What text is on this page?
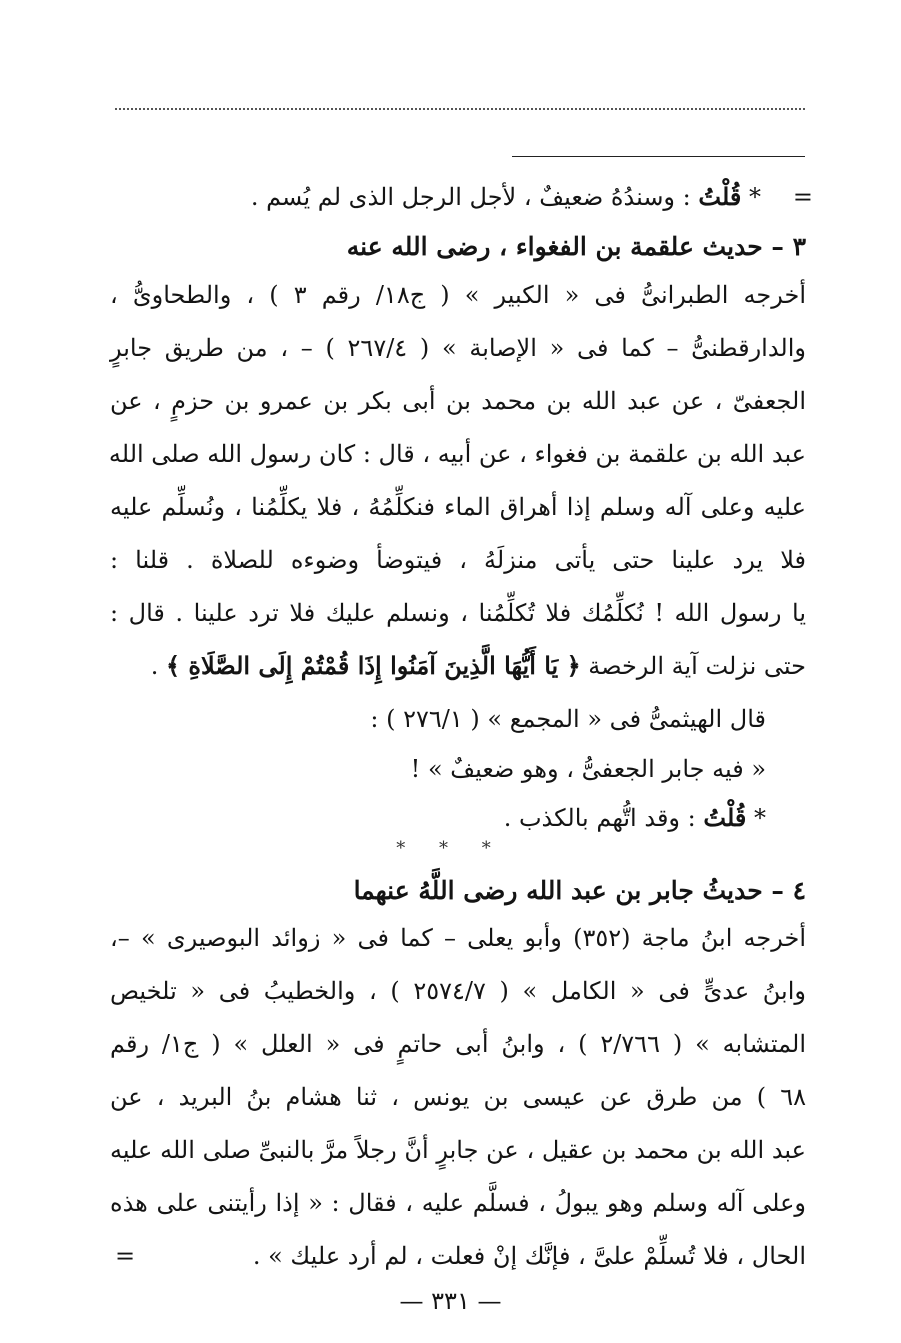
=
* قُلْتُ : وسندُهُ ضعيفٌ ، لأجل الرجل الذى لم يُسم .
٣ – حديث علقمة بن الفغواء ، رضى الله عنه
أخرجه الطبرانىُّ فى « الكبير » ( ج١٨/ رقم ٣ ) ، والطحاوىُّ ،
والدارقطنىُّ – كما فى « الإصابة » ( ٢٦٧/٤ ) – ، من طريق جابرٍ
الجعفىّ ، عن عبد الله بن محمد بن أبى بكر بن عمرو بن حزمٍ ، عن
عبد الله بن علقمة بن فغواء ، عن أبيه ، قال : كان رسول الله صلى الله
عليه وعلى آله وسلم إذا أهراق الماء فنكلِّمُهُ ، فلا يكلِّمُنا ، ونُسلِّم عليه
فلا يرد علينا حتى يأتى منزلَهُ ، فيتوضأ وضوءه للصلاة . قلنا :
يا رسول الله ! نُكلِّمُك فلا تُكلِّمُنا ، ونسلم عليك فلا ترد علينا . قال :
حتى نزلت آية الرخصة ﴿ يَا أَيُّهَا الَّذِينَ آمَنُوا إِذَا قُمْتُمْ إِلَى الصَّلَاةِ ﴾ .
قال الهيثمىُّ فى « المجمع » ( ٢٧٦/١ ) :
« فيه جابر الجعفىُّ ، وهو ضعيفٌ » !
* قُلْتُ : وقد اتُّهم بالكذب .
* * *
٤ – حديثُ جابر بن عبد الله رضى اللَّهُ عنهما
أخرجه ابنُ ماجة (٣٥٢) وأبو يعلى – كما فى « زوائد البوصيرى » –،
وابنُ عدىٍّ فى « الكامل » ( ٢٥٧٤/٧ ) ، والخطيبُ فى « تلخيص
المتشابه » ( ٢/٧٦٦ ) ، وابنُ أبى حاتمٍ فى « العلل » ( ج١/ رقم
٦٨ ) من طرق عن عيسى بن يونس ، ثنا هشام بنُ البريد ، عن
عبد الله بن محمد بن عقيل ، عن جابرٍ أنَّ رجلاً مرَّ بالنبىِّ صلى الله عليه
وعلى آله وسلم وهو يبولُ ، فسلَّم عليه ، فقال : « إذا رأيتنى على هذه
الحال ، فلا تُسلِّمْ علىَّ ، فإنَّك إنْ فعلت ، لم أرد عليك » .
=
— ٣٣١ —
